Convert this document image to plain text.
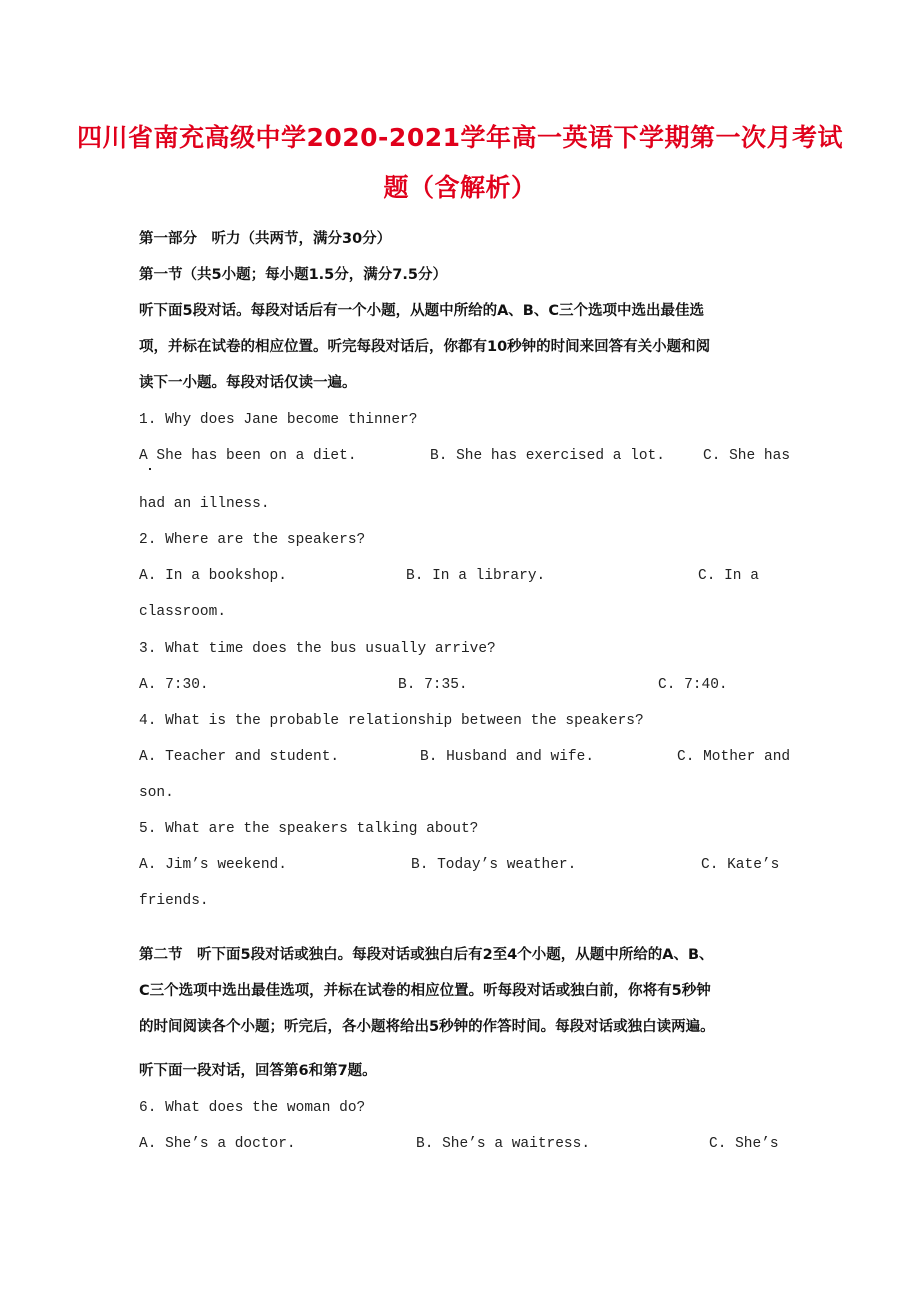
四川省南充高级中学2020-2021学年高一英语下学期第一次月考试
题（含解析）
第一部分　听力（共两节，满分30分）
第一节（共5小题；每小题1.5分，满分7.5分）
听下面5段对话。每段对话后有一个小题，从题中所给的A、B、C三个选项中选出最佳选
项，并标在试卷的相应位置。听完每段对话后，你都有10秒钟的时间来回答有关小题和阅
读下一小题。每段对话仅读一遍。
1. Why does Jane become thinner?
A She has been on a diet.	B. She has exercised a lot.	C. She has
had an illness.
2. Where are the speakers?
A. In a bookshop.	B. In a library.	C. In a
classroom.
3. What time does the bus usually arrive?
A. 7:30.	B. 7:35.	C. 7:40.
4. What is the probable relationship between the speakers?
A. Teacher and student.	B. Husband and wife.	C. Mother and
son.
5. What are the speakers talking about?
A. Jim’s weekend.	B. Today’s weather.	C. Kate’s
friends.
第二节　听下面5段对话或独白。每段对话或独白后有2至4个小题，从题中所给的A、B、
C三个选项中选出最佳选项，并标在试卷的相应位置。听每段对话或独白前，你将有5秒钟
的时间阅读各个小题；听完后，各小题将给出5秒钟的作答时间。每段对话或独白读两遍。
听下面一段对话，回答第6和第7题。
6. What does the woman do?
A. She’s a doctor.	B. She’s a waitress.	C. She’s
